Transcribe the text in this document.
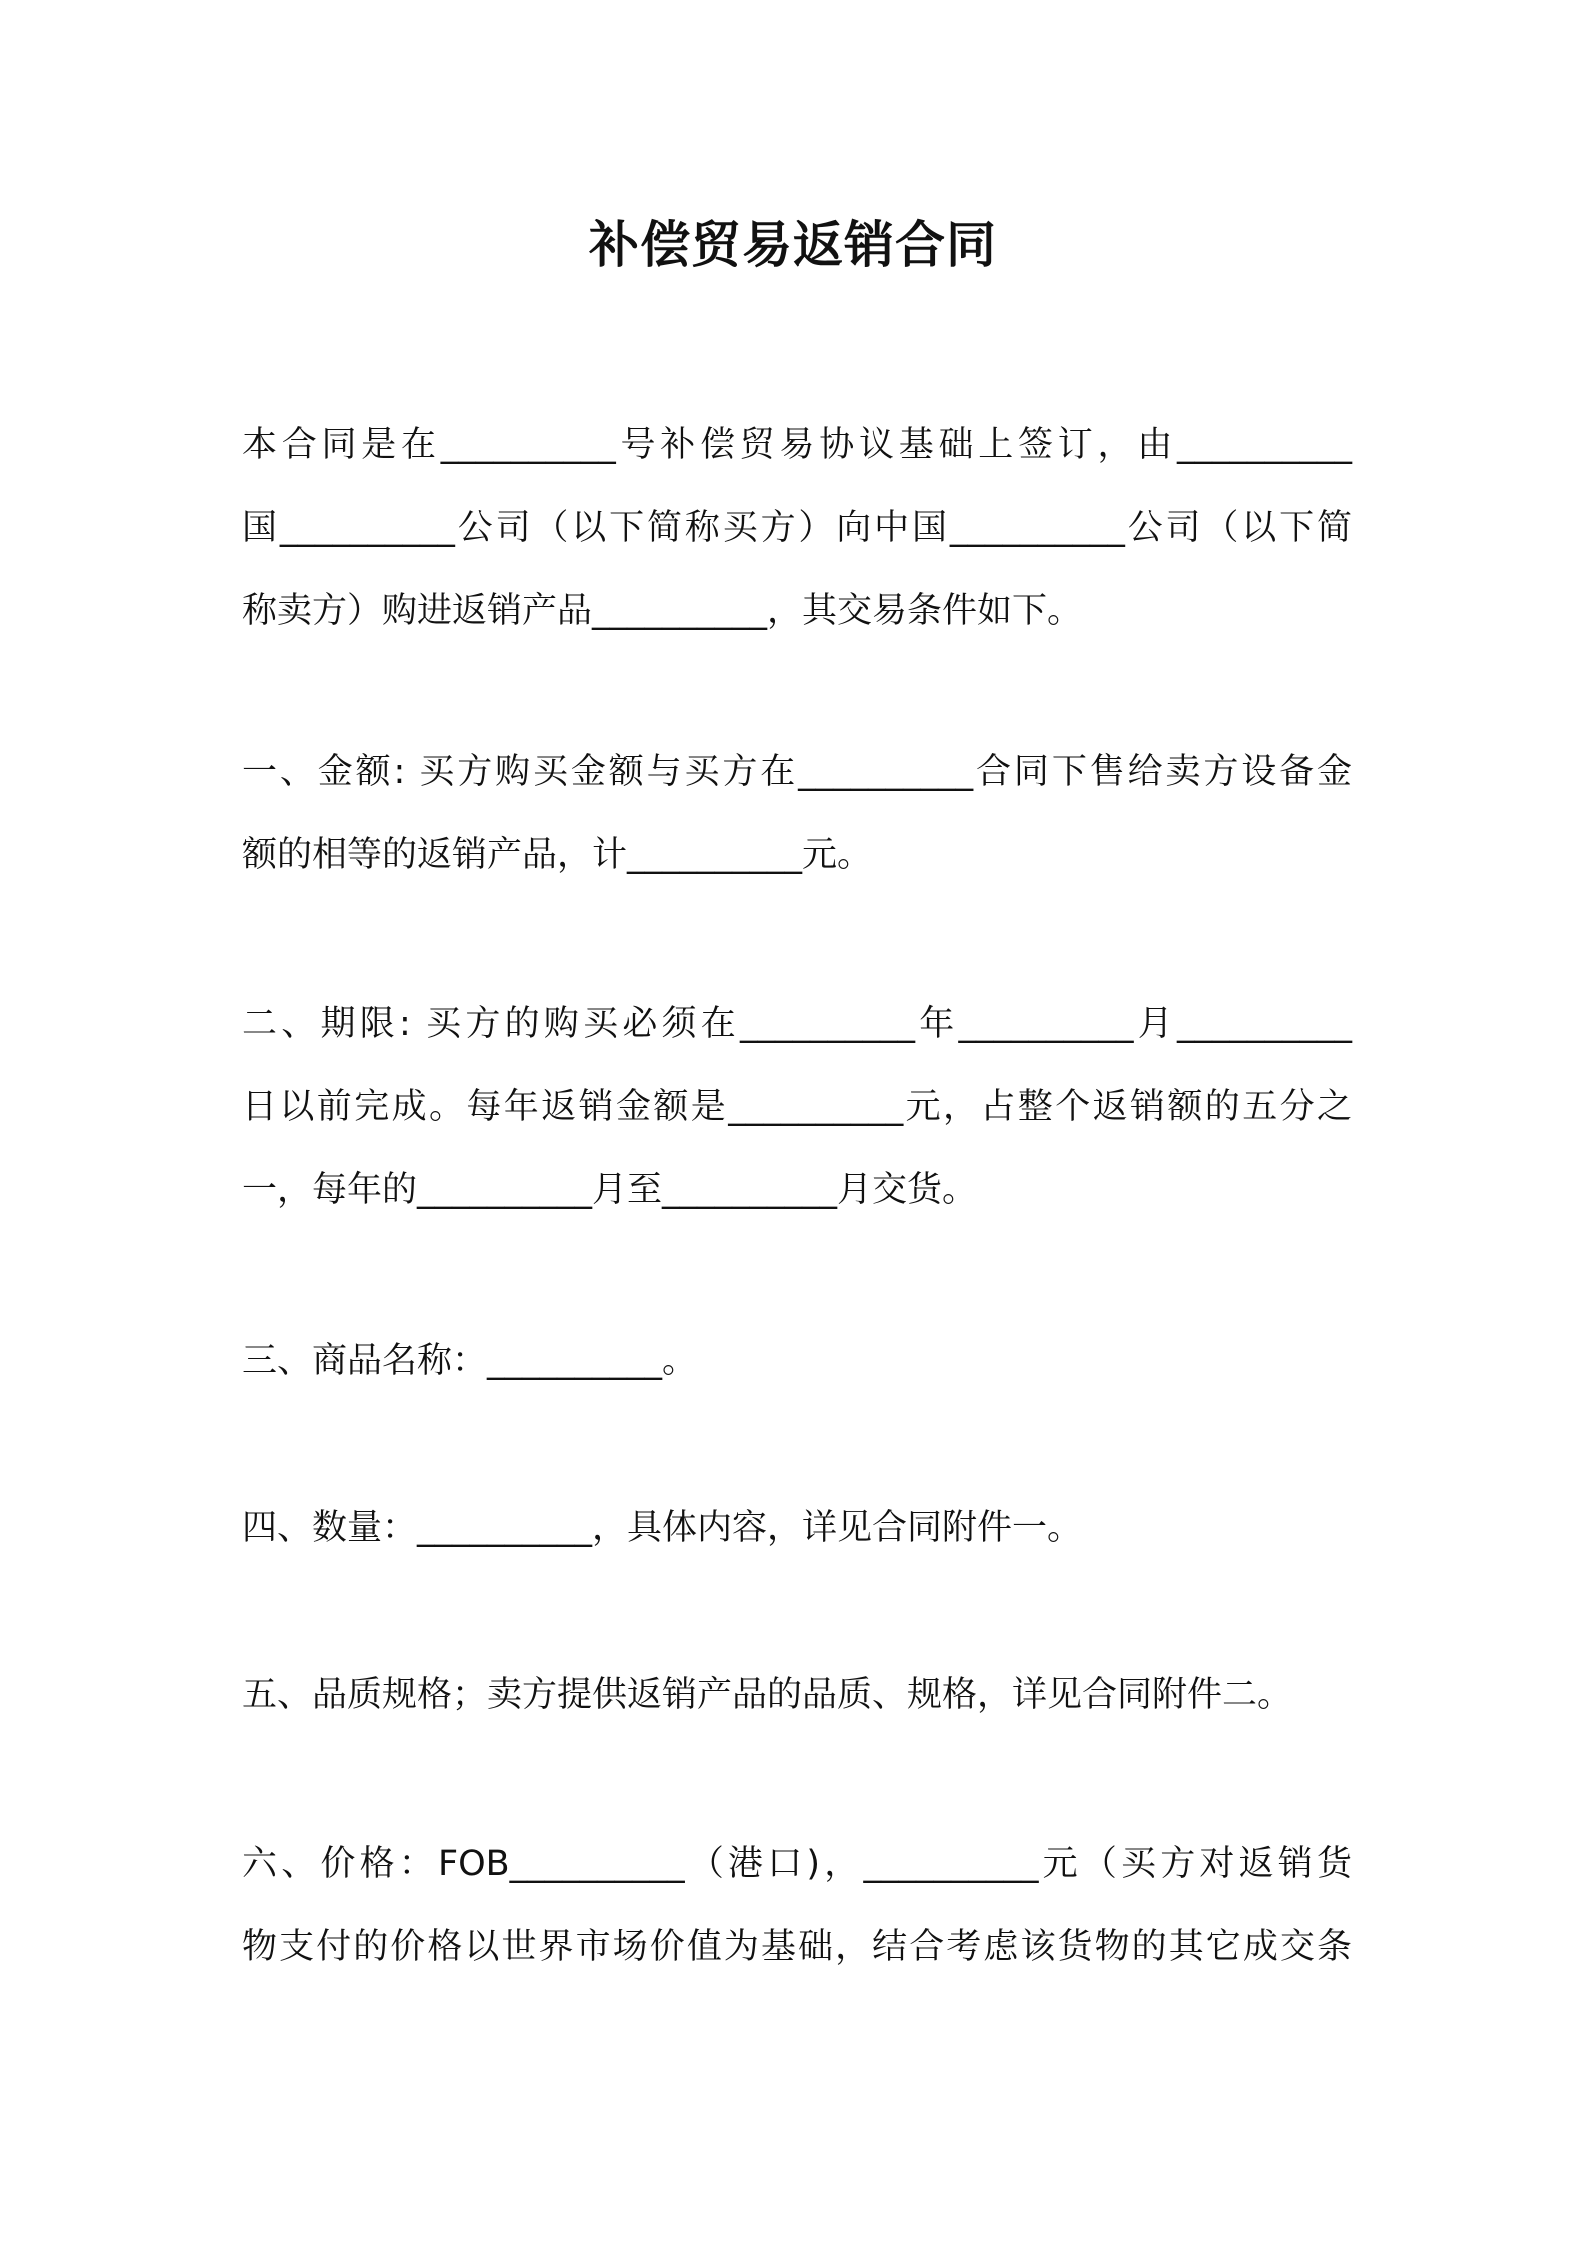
补偿贸易返销合同
本合同是在__________号补偿贸易协议基础上签订，由__________
国__________公司（以下简称买方）向中国__________公司（以下简
称卖方）购进返销产品__________，其交易条件如下。
一、金额: 买方购买金额与买方在__________合同下售给卖方设备金
额的相等的返销产品，计__________元。
二、期限: 买方的购买必须在__________年__________月__________
日以前完成。每年返销金额是__________元，占整个返销额的五分之
一，每年的__________月至__________月交货。
三、商品名称：__________。
四、数量：__________，具体内容，详见合同附件一。
五、品质规格；卖方提供返销产品的品质、规格，详见合同附件二。
六、价格：FOB__________（港口)，__________元（买方对返销货
物支付的价格以世界市场价值为基础，结合考虑该货物的其它成交条
